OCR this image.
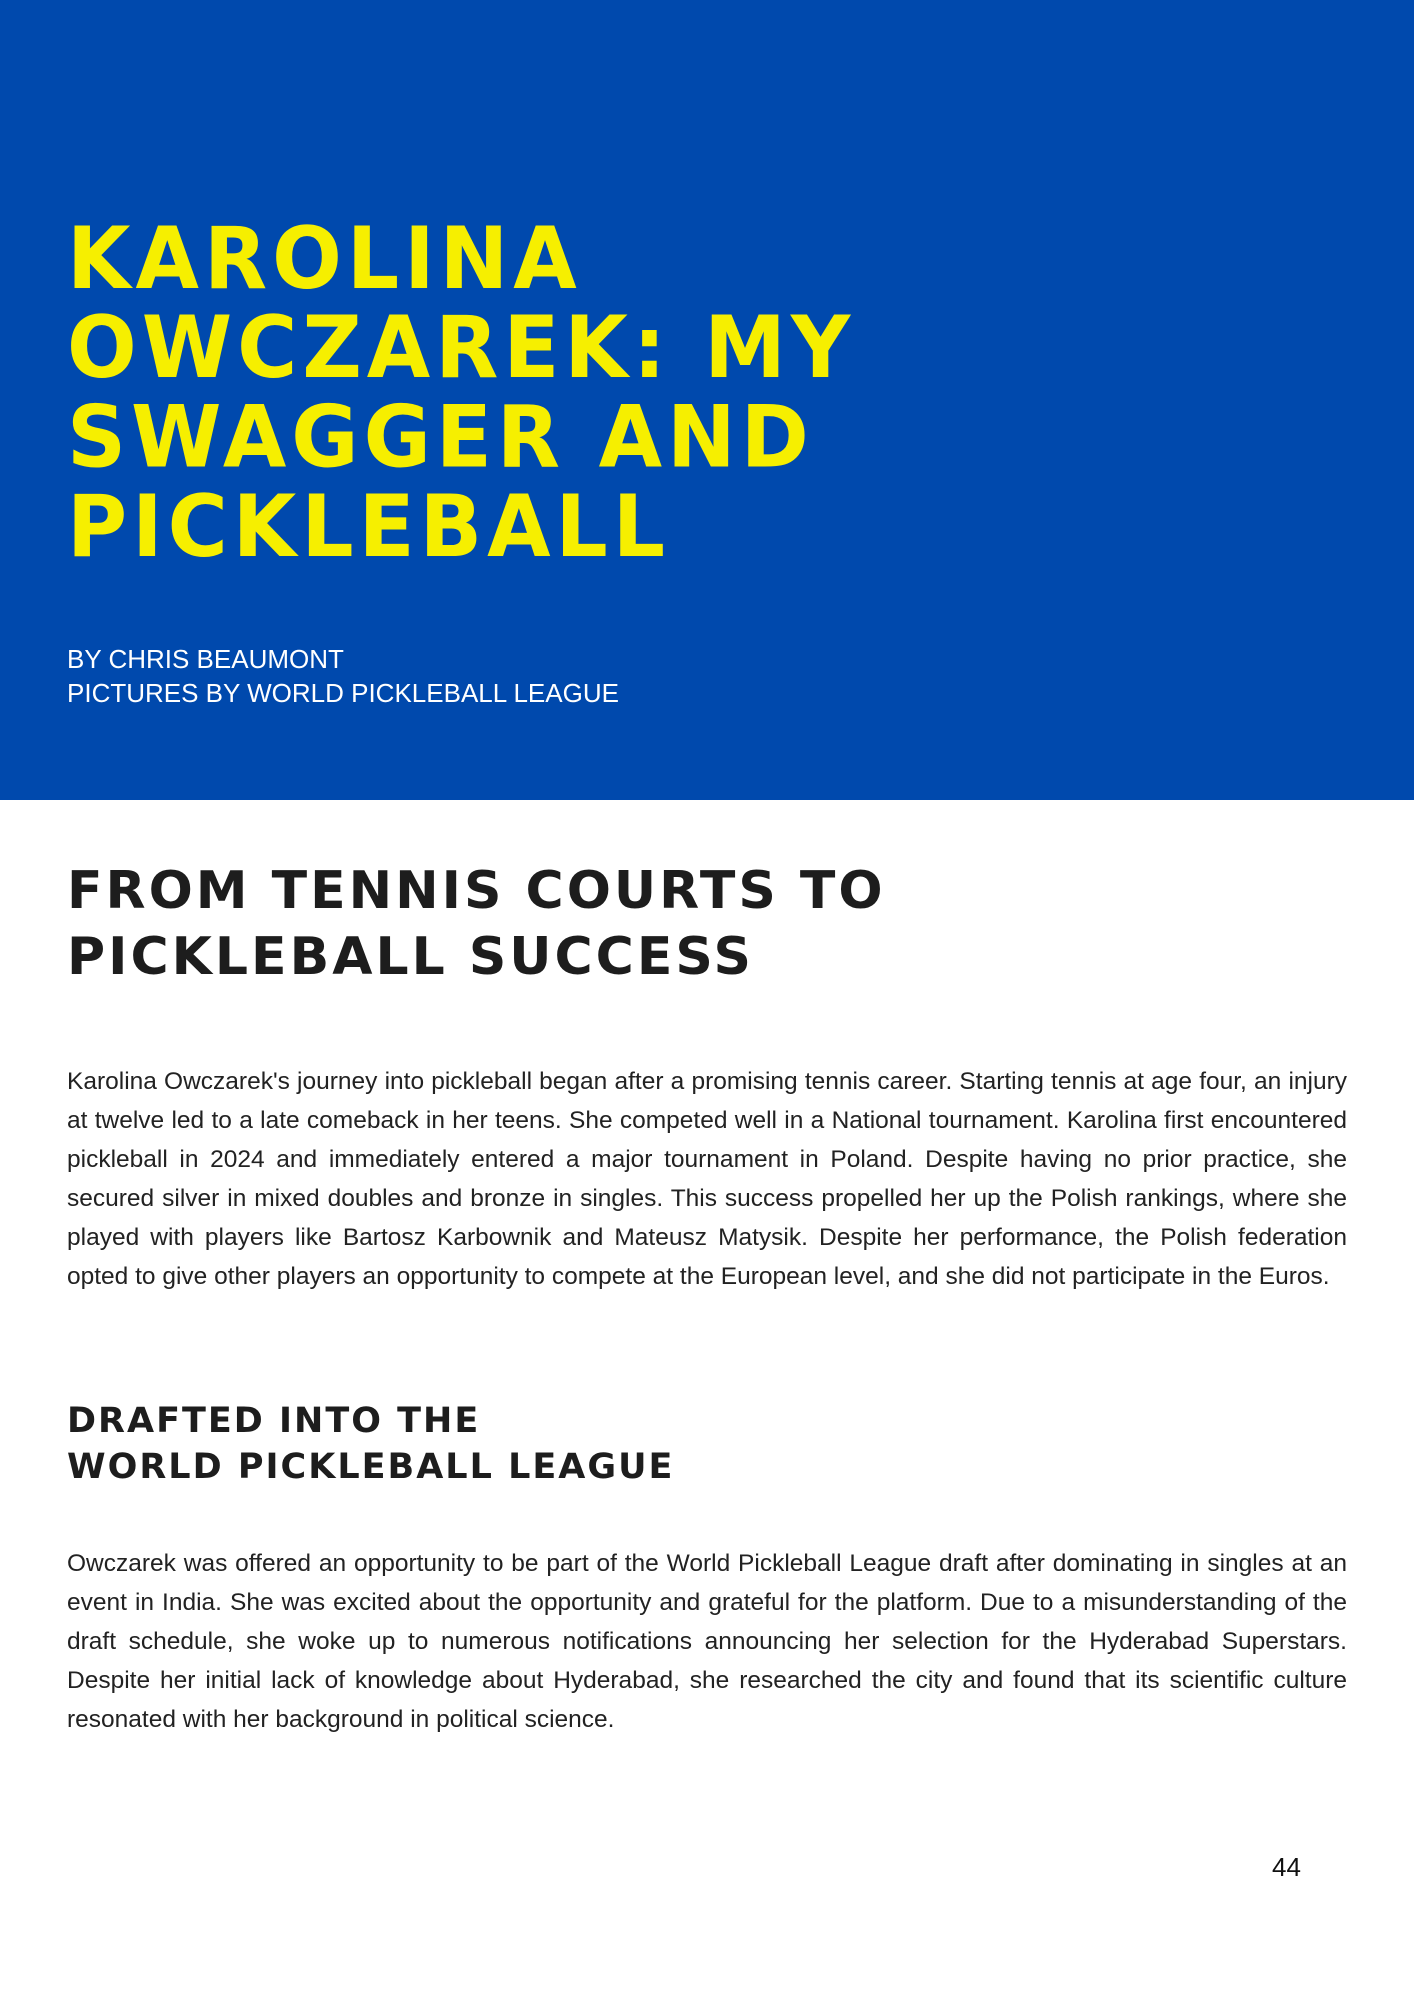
KAROLINA
OWCZAREK: MY
SWAGGER AND
PICKLEBALL
BY CHRIS BEAUMONT
PICTURES BY WORLD PICKLEBALL LEAGUE
FROM TENNIS COURTS TO
PICKLEBALL SUCCESS

Karolina Owczarek's journey into pickleball began after a promising tennis career. Starting tennis at age four, an injury at twelve led to a late comeback in her teens. She competed well in a National tournament. Karolina first encountered pickleball in 2024 and immediately entered a major tournament in Poland. Despite having no prior practice, she secured silver in mixed doubles and bronze in singles. This success propelled her up the Polish rankings, where she played with players like Bartosz Karbownik and Mateusz Matysik. Despite her performance, the Polish federation opted to give other players an opportunity to compete at the European level, and she did not participate in the Euros.

DRAFTED INTO THE
WORLD PICKLEBALL LEAGUE

Owczarek was offered an opportunity to be part of the World Pickleball League draft after dominating in singles at an event in India. She was excited about the opportunity and grateful for the platform. Due to a misunderstanding of the draft schedule, she woke up to numerous notifications announcing her selection for the Hyderabad Superstars. Despite her initial lack of knowledge about Hyderabad, she researched the city and found that its scientific culture resonated with her background in political science.

44
